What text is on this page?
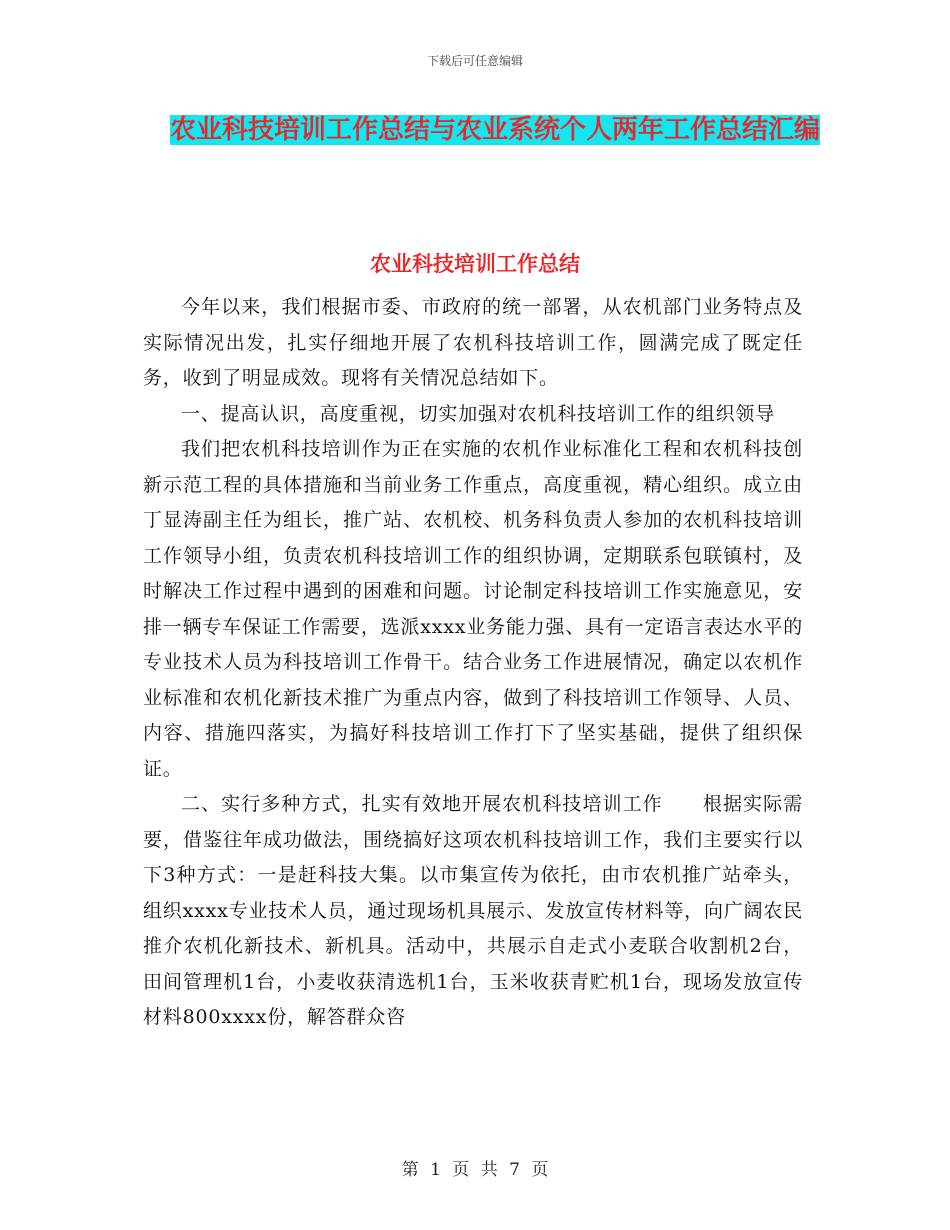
下载后可任意编辑
农业科技培训工作总结与农业系统个人两年工作总结汇编
农业科技培训工作总结

今年以来，我们根据市委、市政府的统一部署，从农机部门业务特点及实际情况出发，扎实仔细地开展了农机科技培训工作，圆满完成了既定任务，收到了明显成效。现将有关情况总结如下。

一、提高认识，高度重视，切实加强对农机科技培训工作的组织领导

我们把农机科技培训作为正在实施的农机作业标准化工程和农机科技创新示范工程的具体措施和当前业务工作重点，高度重视，精心组织。成立由丁显涛副主任为组长，推广站、农机校、机务科负责人参加的农机科技培训工作领导小组，负责农机科技培训工作的组织协调，定期联系包联镇村，及时解决工作过程中遇到的困难和问题。讨论制定科技培训工作实施意见，安排一辆专车保证工作需要，选派xxxx业务能力强、具有一定语言表达水平的专业技术人员为科技培训工作骨干。结合业务工作进展情况，确定以农机作业标准和农机化新技术推广为重点内容，做到了科技培训工作领导、人员、内容、措施四落实，为搞好科技培训工作打下了坚实基础，提供了组织保证。

二、实行多种方式，扎实有效地开展农机科技培训工作　　根据实际需要，借鉴往年成功做法，围绕搞好这项农机科技培训工作，我们主要实行以下3种方式：一是赶科技大集。以市集宣传为依托，由市农机推广站牵头，组织xxxx专业技术人员，通过现场机具展示、发放宣传材料等，向广阔农民推介农机化新技术、新机具。活动中，共展示自走式小麦联合收割机2台，田间管理机1台，小麦收获清选机1台，玉米收获青贮机1台，现场发放宣传材料800xxxx份，解答群众咨

第 1 页 共 7 页
